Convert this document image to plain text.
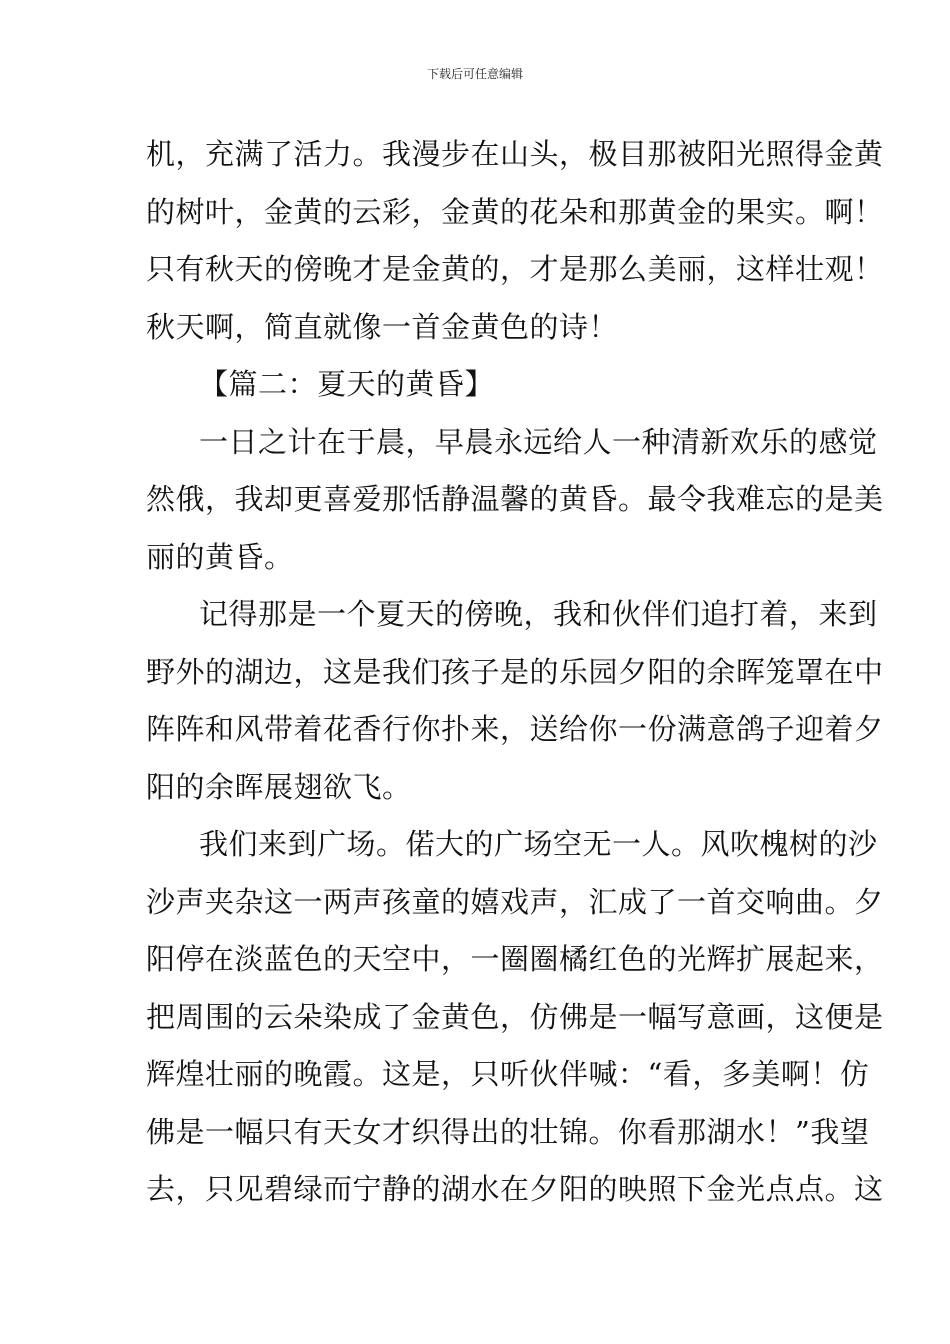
下载后可任意编辑
机，充满了活力。我漫步在山头，极目那被阳光照得金黄
的树叶，金黄的云彩，金黄的花朵和那黄金的果实。啊！
只有秋天的傍晚才是金黄的，才是那么美丽，这样壮观！
秋天啊，简直就像一首金黄色的诗！
【篇二：夏天的黄昏】
一日之计在于晨，早晨永远给人一种清新欢乐的感觉
然俄，我却更喜爱那恬静温馨的黄昏。最令我难忘的是美
丽的黄昏。
记得那是一个夏天的傍晚，我和伙伴们追打着，来到
野外的湖边，这是我们孩子是的乐园夕阳的余晖笼罩在中
阵阵和风带着花香行你扑来，送给你一份满意鸽子迎着夕
阳的余晖展翅欲飞。
我们来到广场。偌大的广场空无一人。风吹槐树的沙
沙声夹杂这一两声孩童的嬉戏声，汇成了一首交响曲。夕
阳停在淡蓝色的天空中，一圈圈橘红色的光辉扩展起来，
把周围的云朵染成了金黄色，仿佛是一幅写意画，这便是
辉煌壮丽的晚霞。这是，只听伙伴喊：“看，多美啊！仿
佛是一幅只有天女才织得出的壮锦。你看那湖水！”我望
去，只见碧绿而宁静的湖水在夕阳的映照下金光点点。这
